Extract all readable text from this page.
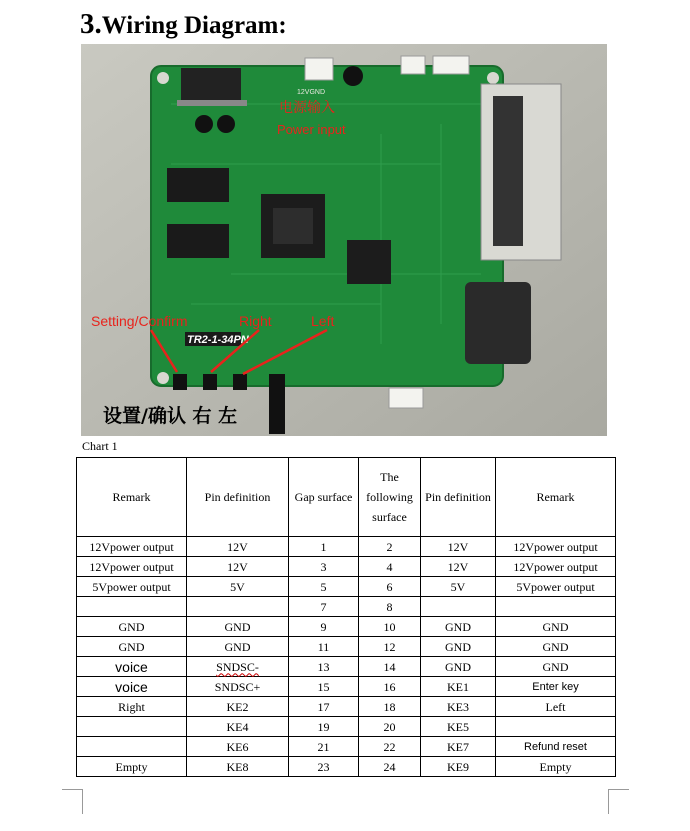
3.Wiring Diagram:
TR2-1-34PN
12VGND
电源输入
Power input
Setting/Confirm	Right	Left
设置/确认 右 左
Chart 1
Remark	Pin definition	Gap surface	The following surface	Pin definition	Remark
12Vpower output	12V	1	2	12V	12Vpower output
12Vpower output	12V	3	4	12V	12Vpower output
5Vpower output	5V	5	6	5V	5Vpower output
		7	8		
GND	GND	9	10	GND	GND
GND	GND	11	12	GND	GND
voice	SNDSC-	13	14	GND	GND
voice	SNDSC+	15	16	KE1	Enter key
Right	KE2	17	18	KE3	Left
	KE4	19	20	KE5	
	KE6	21	22	KE7	Refund reset
Empty	KE8	23	24	KE9	Empty
